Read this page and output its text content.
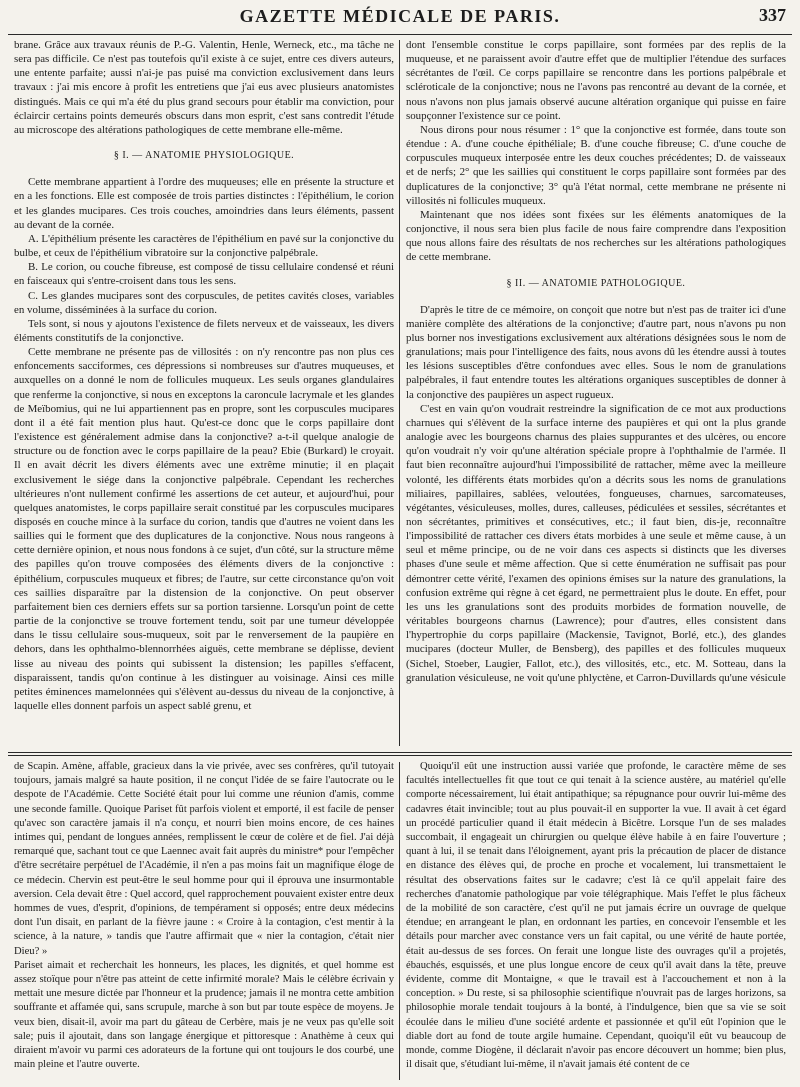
GAZETTE MÉDICALE DE PARIS.	337

brane. Grâce aux travaux réunis de P.-G. Valentin, Henle, Werneck, etc., ma tâche ne sera pas difficile. Ce n'est pas toutefois qu'il existe à ce sujet, entre ces divers auteurs, une entente parfaite; aussi n'ai-je pas puisé ma conviction exclusivement dans leurs travaux : j'ai mis encore à profit les entretiens que j'ai eus avec plusieurs anatomistes distingués. Mais ce qui m'a été du plus grand secours pour établir ma conviction, pour éclaircir certains points demeurés obscurs dans mon esprit, c'est sans contredit l'étude au microscope des altérations pathologiques de cette membrane elle-même.

§ I. — ANATOMIE PHYSIOLOGIQUE.

Cette membrane appartient à l'ordre des muqueuses; elle en présente la structure et en a les fonctions. Elle est composée de trois parties distinctes : l'épithélium, le corion et les glandes mucipares. Ces trois couches, amoindries dans leurs éléments, passent au devant de la cornée.

A. L'épithélium présente les caractères de l'épithélium en pavé sur la conjonctive du bulbe, et ceux de l'épithélium vibratoire sur la conjonctive palpébrale.

B. Le corion, ou couche fibreuse, est composé de tissu cellulaire condensé et réuni en faisceaux qui s'entre-croisent dans tous les sens.

C. Les glandes mucipares sont des corpuscules, de petites cavités closes, variables en volume, disséminées à la surface du corion.

Tels sont, si nous y ajoutons l'existence de filets nerveux et de vaisseaux, les divers éléments constitutifs de la conjonctive.

Cette membrane ne présente pas de villosités : on n'y rencontre pas non plus ces enfoncements sacciformes, ces dépressions si nombreuses sur d'autres muqueuses, et auxquelles on a donné le nom de follicules muqueux. Les seuls organes glandulaires que renferme la conjonctive, si nous en exceptons la caroncule lacrymale et les glandes de Meïbomius, qui ne lui appartiennent pas en propre, sont les corpuscules mucipares dont il a été fait mention plus haut. Qu'est-ce donc que le corps papillaire dont l'existence est généralement admise dans la conjonctive? a-t-il quelque analogie de structure ou de fonction avec le corps papillaire de la peau? Ebie (Burkard) le croyait. Il en avait décrit les divers éléments avec une extrême minutie; il en plaçait exclusivement le siége dans la conjonctive palpébrale. Cependant les recherches ultérieures n'ont nullement confirmé les assertions de cet auteur, et aujourd'hui, pour quelques anatomistes, le corps papillaire serait constitué par les corpuscules mucipares disposés en couche mince à la surface du corion, tandis que d'autres ne voient dans les saillies qui le forment que des duplicatures de la conjonctive. Nous nous rangeons à cette dernière opinion, et nous nous fondons à ce sujet, d'un côté, sur la structure même des papilles qu'on trouve composées des éléments divers de la conjonctive : épithélium, corpuscules muqueux et fibres; de l'autre, sur cette circonstance qu'on voit ces saillies disparaître par la distension de la conjonctive. On peut observer parfaitement bien ces derniers effets sur sa portion tarsienne. Lorsqu'un point de cette partie de la conjonctive se trouve fortement tendu, soit par une tumeur développée dans le tissu cellulaire sous-muqueux, soit par le renversement de la paupière en dehors, dans les ophthalmo-blennorrhées aiguës, cette membrane se déplisse, devient lisse au niveau des points qui subissent la distension; les papilles s'effacent, disparaissent, tandis qu'on continue à les distinguer au voisinage. Ainsi ces mille petites éminences mamelonnées qui s'élèvent au-dessus du niveau de la conjonctive, à laquelle elles donnent parfois un aspect sablé grenu, et

dont l'ensemble constitue le corps papillaire, sont formées par des replis de la muqueuse, et ne paraissent avoir d'autre effet que de multiplier l'étendue des surfaces sécrétantes de l'œil. Ce corps papillaire se rencontre dans les portions palpébrale et scléroticale de la conjonctive; nous ne l'avons pas rencontré au devant de la cornée, et nous n'avons non plus jamais observé aucune altération organique qui puisse en faire soupçonner l'existence sur ce point.

Nous dirons pour nous résumer : 1° que la conjonctive est formée, dans toute son étendue : A. d'une couche épithéliale; B. d'une couche fibreuse; C. d'une couche de corpuscules muqueux interposée entre les deux couches précédentes; D. de vaisseaux et de nerfs; 2° que les saillies qui constituent le corps papillaire sont formées par des duplicatures de la conjonctive; 3° qu'à l'état normal, cette membrane ne présente ni villosités ni follicules muqueux.

Maintenant que nos idées sont fixées sur les éléments anatomiques de la conjonctive, il nous sera bien plus facile de nous faire comprendre dans l'exposition que nous allons faire des résultats de nos recherches sur les altérations pathologiques de cette membrane.

§ II. — ANATOMIE PATHOLOGIQUE.

D'après le titre de ce mémoire, on conçoit que notre but n'est pas de traiter ici d'une manière complète des altérations de la conjonctive; d'autre part, nous n'avons pu non plus borner nos investigations exclusivement aux altérations désignées sous le nom de granulations; mais pour l'intelligence des faits, nous avons dû les étendre aussi à toutes les lésions susceptibles d'être confondues avec elles. Sous le nom de granulations palpébrales, il faut entendre toutes les altérations organiques susceptibles de donner à la conjonctive des paupières un aspect rugueux.

C'est en vain qu'on voudrait restreindre la signification de ce mot aux productions charnues qui s'élèvent de la surface interne des paupières et qui ont la plus grande analogie avec les bourgeons charnus des plaies suppurantes et des ulcères, ou encore qu'on voudrait n'y voir qu'une altération spéciale propre à l'ophthalmie de l'armée. Il faut bien reconnaître aujourd'hui l'impossibilité de rattacher, même avec la meilleure volonté, les différents états morbides qu'on a décrits sous les noms de granulations miliaires, papillaires, sablées, veloutées, fongueuses, charnues, sarcomateuses, végétantes, vésiculeuses, molles, dures, calleuses, pédiculées et sessiles, sécrétantes et non sécrétantes, primitives et consécutives, etc.; il faut bien, dis-je, reconnaître l'impossibilité de rattacher ces divers états morbides à une seule et même cause, à un seul et même principe, ou de ne voir dans ces aspects si distincts que les diverses phases d'une seule et même affection. Que si cette énumération ne suffisait pas pour démontrer cette vérité, l'examen des opinions émises sur la nature des granulations, la confusion extrême qui règne à cet égard, ne permettraient plus le doute. En effet, pour les uns les granulations sont des produits morbides de formation nouvelle, de véritables bourgeons charnus (Lawrence); pour d'autres, elles consistent dans l'hypertrophie du corps papillaire (Mackensie, Tavignot, Borlé, etc.), des glandes mucipares (docteur Muller, de Bensberg), des papilles et des follicules muqueux (Sichel, Stoeber, Laugier, Fallot, etc.), des villosités, etc., etc. M. Sotteau, dans la granulation vésiculeuse, ne voit qu'une phlyctène, et Carron-Duvillards qu'une vésicule

de Scapin. Amène, affable, gracieux dans la vie privée, avec ses confrères, qu'il tutoyait toujours, jamais malgré sa haute position, il ne conçut l'idée de se faire l'autocrate ou le despote de l'Académie. Cette Société était pour lui comme une réunion d'amis, comme une seconde famille. Quoique Pariset fût parfois violent et emporté, il est facile de penser qu'avec son caractère jamais il n'a conçu, et nourri bien moins encore, de ces haines intimes qui, pendant de longues années, remplissent le cœur de colère et de fiel. J'ai déjà remarqué que, sachant tout ce que Laennec avait fait auprès du ministre* pour l'empêcher d'être secrétaire perpétuel de l'Académie, il n'en a pas moins fait un magnifique éloge de ce médecin. Chervin est peut-être le seul homme pour qui il éprouva une insurmontable aversion. Cela devait être : Quel accord, quel rapprochement pouvaient exister entre deux hommes de vues, d'esprit, d'opinions, de tempérament si opposés; entre deux médecins dont l'un disait, en parlant de la fièvre jaune : « Croire à la contagion, c'est mentir à la science, à la nature, » tandis que l'autre affirmait que « nier la contagion, c'était nier Dieu? »
Pariset aimait et recherchait les honneurs, les places, les dignités, et quel homme est assez stoïque pour n'être pas atteint de cette infirmité morale? Mais le célèbre écrivain y mettait une mesure dictée par l'honneur et la prudence; jamais il ne montra cette ambition souffrante et affamée qui, sans scrupule, marche à son but par toute espèce de moyens. Je veux bien, disait-il, avoir ma part du gâteau de Cerbère, mais je ne veux pas qu'elle soit sale; puis il ajoutait, dans son langage énergique et pittoresque : Anathème à ceux qui diraient m'avoir vu parmi ces adorateurs de la fortune qui ont toujours le dos courbé, une main pleine et l'autre ouverte.

Quoiqu'il eût une instruction aussi variée que profonde, le caractère même de ses facultés intellectuelles fit que tout ce qui tenait à la science austère, au matériel qu'elle comporte nécessairement, lui était antipathique; sa répugnance pour ouvrir lui-même des cadavres était invincible; tout au plus pouvait-il en supporter la vue. Il avait à cet égard un procédé particulier quand il était médecin à Bicêtre. Lorsque l'un de ses malades succombait, il engageait un chirurgien ou quelque élève habile à en faire l'ouverture ; quant à lui, il se tenait dans l'éloignement, ayant pris la précaution de placer de distance en distance des élèves qui, de proche en proche et vocalement, lui transmettaient le résultat des observations faites sur le cadavre; c'est là ce qu'il appelait faire des recherches d'anatomie pathologique par voie télégraphique. Mais l'effet le plus fâcheux de la mobilité de son caractère, c'est qu'il ne put jamais écrire un ouvrage de quelque étendue; en arrangeant le plan, en ordonnant les parties, en concevoir l'ensemble et les détails pour marcher avec constance vers un fait capital, ou une vérité de haute portée, était au-dessus de ses forces. On ferait une longue liste des ouvrages qu'il a projetés, ébauchés, esquissés, et une plus longue encore de ceux qu'il avait dans la tête, preuve évidente, comme dit Montaigne, « que le travail est à l'accouchement et non à la conception. » Du reste, si sa philosophie scientifique n'ouvrait pas de larges horizons, sa philosophie morale tendait toujours à la bonté, à l'indulgence, bien que sa vie se soit écoulée dans le milieu d'une société ardente et passionnée et qu'il eût l'opinion que le diable dort au fond de toute argile humaine. Cependant, quoiqu'il eût vu beaucoup de monde, comme Diogène, il déclarait n'avoir pas encore découvert un homme; bien plus, il disait que, s'étudiant lui-même, il n'avait jamais été content de ce
